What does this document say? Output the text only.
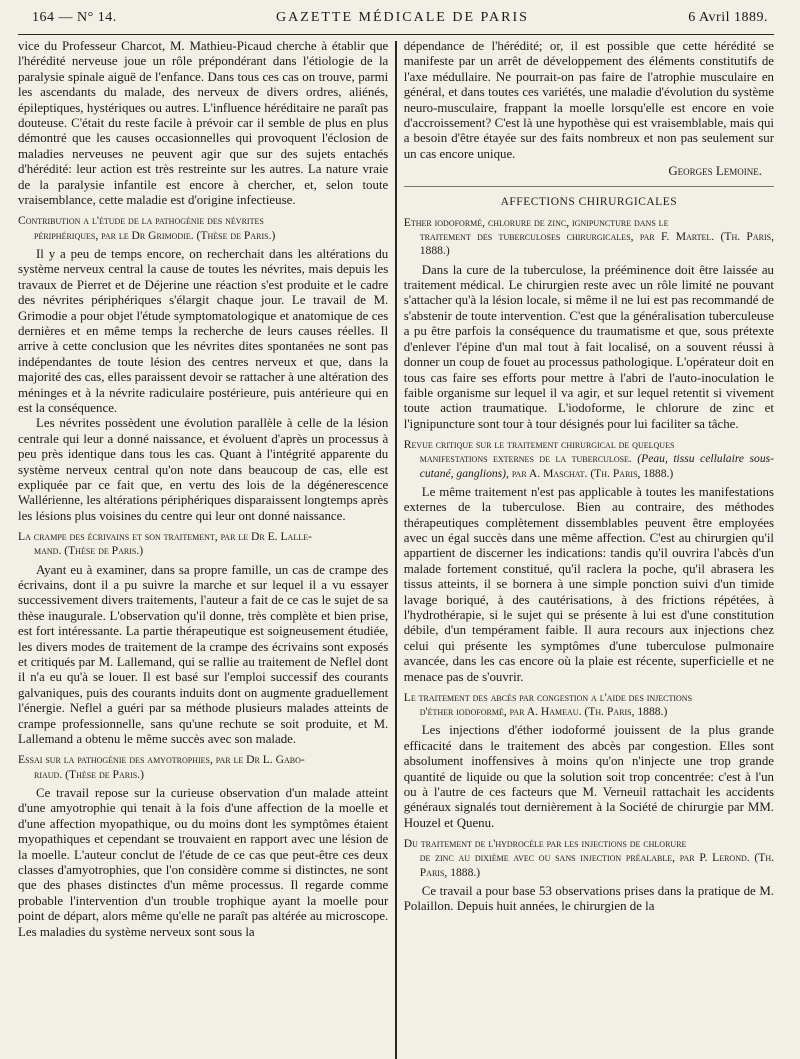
164 — N° 14.	GAZETTE MÉDICALE DE PARIS	6 Avril 1889.

vice du Professeur Charcot, M. Mathieu-Picaud cherche à établir que l'hérédité nerveuse joue un rôle prépondérant dans l'étiologie de la paralysie spinale aiguë de l'enfance. Dans tous ces cas on trouve, parmi les ascendants du malade, des nerveux de divers ordres, aliénés, épileptiques, hystériques ou autres. L'influence héréditaire ne paraît pas douteuse. C'était du reste facile à prévoir car il semble de plus en plus démontré que les causes occasionnelles qui provoquent l'éclosion de maladies nerveuses ne peuvent agir que sur des sujets entachés d'hérédité: leur action est très restreinte sur les autres. La nature vraie de la paralysie infantile est encore à chercher, et, selon toute vraisemblance, cette maladie est d'origine infectieuse.

Contribution a l'étude de la pathogénie des névrites
périphériques, par le Dr Grimodie. (Thèse de Paris.)

Il y a peu de temps encore, on recherchait dans les altérations du système nerveux central la cause de toutes les névrites, mais depuis les travaux de Pierret et de Déjerine une réaction s'est produite et le cadre des névrites périphériques s'élargit chaque jour. Le travail de M. Grimodie a pour objet l'étude symptomatologique et anatomique de ces dernières et en même temps la recherche de leurs causes réelles. Il arrive à cette conclusion que les névrites dites spontanées ne sont pas indépendantes de toute lésion des centres nerveux et que, dans la majorité des cas, elles paraissent devoir se rattacher à une altération des méninges et à la névrite radiculaire postérieure, puis antérieure qui en est la conséquence.

Les névrites possèdent une évolution parallèle à celle de la lésion centrale qui leur a donné naissance, et évoluent d'après un processus à peu près identique dans tous les cas. Quant à l'intégrité apparente du système nerveux central qu'on note dans beaucoup de cas, elle est expliquée par ce fait que, en vertu des lois de la dégénerescence Wallérienne, les altérations périphériques disparaissent longtemps après les lésions plus voisines du centre qui leur ont donné naissance.

La crampe des écrivains et son traitement, par le Dr E. Lalle-
mand. (Thèse de Paris.)

Ayant eu à examiner, dans sa propre famille, un cas de crampe des écrivains, dont il a pu suivre la marche et sur lequel il a vu essayer successivement divers traitements, l'auteur a fait de ce cas le sujet de sa thèse inaugurale. L'observation qu'il donne, très complète et bien prise, est fort intéressante. La partie thérapeutique est soigneusement étudiée, les divers modes de traitement de la crampe des écrivains sont exposés et critiqués par M. Lallemand, qui se rallie au traitement de Neflel dont il n'a eu qu'à se louer. Il est basé sur l'emploi successif des courants galvaniques, puis des courants induits dont on augmente graduellement l'énergie. Neflel a guéri par sa méthode plusieurs malades atteints de crampe professionnelle, sans qu'une rechute se soit produite, et M. Lallemand a obtenu le même succès avec son malade.

Essai sur la pathogénie des amyotrophies, par le Dr L. Gabo-
riaud. (Thèse de Paris.)

Ce travail repose sur la curieuse observation d'un malade atteint d'une amyotrophie qui tenait à la fois d'une affection de la moelle et d'une affection myopathique, ou du moins dont les symptômes étaient myopathiques et cependant se trouvaient en rapport avec une lésion de la moelle. L'auteur conclut de l'étude de ce cas que peut-être ces deux classes d'amyotrophies, que l'on considère comme si distinctes, ne sont que des phases distinctes d'un même processus. Il regarde comme probable l'intervention d'un trouble trophique ayant la moelle pour point de départ, alors même qu'elle ne paraît pas altérée au microscope. Les maladies du système nerveux sont sous la

dépendance de l'hérédité; or, il est possible que cette hérédité se manifeste par un arrêt de développement des éléments constitutifs de l'axe médullaire. Ne pourrait-on pas faire de l'atrophie musculaire en général, et dans toutes ces variétés, une maladie d'évolution du système neuro-musculaire, frappant la moelle lorsqu'elle est encore en voie d'accroissement? C'est là une hypothèse qui est vraisemblable, mais qui a besoin d'être étayée sur des faits nombreux et non pas seulement sur un cas encore unique.

Georges Lemoine.

AFFECTIONS CHIRURGICALES

Ether iodoformé, chlorure de zinc, ignipuncture dans le
traitement des tuberculoses chirurgicales, par F. Martel. (Th. Paris, 1888.)

Dans la cure de la tuberculose, la prééminence doit être laissée au traitement médical. Le chirurgien reste avec un rôle limité ne pouvant s'attacher qu'à la lésion locale, si même il ne lui est pas recommandé de s'abstenir de toute intervention. C'est que la généralisation tuberculeuse a pu être parfois la conséquence du traumatisme et que, sous prétexte d'enlever l'épine d'un mal tout à fait localisé, on a souvent réussi à donner un coup de fouet au processus pathologique. L'opérateur doit en tous cas faire ses efforts pour mettre à l'abri de l'auto-inoculation le faible organisme sur lequel il va agir, et sur lequel retentit si vivement toute action traumatique. L'iodoforme, le chlorure de zinc et l'ignipuncture sont tour à tour désignés pour lui faciliter sa tâche.

Revue critique sur le traitement chirurgical de quelques
manifestations externes de la tuberculose. (Peau, tissu cellulaire sous-cutané, ganglions), par A. Maschat. (Th. Paris, 1888.)

Le même traitement n'est pas applicable à toutes les manifestations externes de la tuberculose. Bien au contraire, des méthodes thérapeutiques complètement dissemblables peuvent être employées avec un égal succès dans une même affection. C'est au chirurgien qu'il appartient de discerner les indications: tandis qu'il ouvrira l'abcès d'un malade fortement constitué, qu'il raclera la poche, qu'il abrasera les tissus atteints, il se bornera à une simple ponction suivi d'un timide lavage boriqué, à des cautérisations, à des frictions répétées, à l'hydrothérapie, si le sujet qui se présente à lui est d'une constitution débile, d'un tempérament faible. Il aura recours aux injections chez celui qui présente les symptômes d'une tuberculose pulmonaire avancée, dans les cas encore où la plaie est récente, superficielle et ne menace pas de s'ouvrir.

Le traitement des abcès par congestion a l'aide des injections
d'éther iodoformé, par A. Hameau. (Th. Paris, 1888.)

Les injections d'éther iodoformé jouissent de la plus grande efficacité dans le traitement des abcès par congestion. Elles sont absolument inoffensives à moins qu'on n'injecte une trop grande quantité de liquide ou que la solution soit trop concentrée: c'est à l'un ou à l'autre de ces facteurs que M. Verneuil rattachait les accidents généraux signalés tout dernièrement à la Société de chirurgie par MM. Houzel et Quenu.

Du traitement de l'hydrocèle par les injections de chlorure
de zinc au dixième avec ou sans injection préalable, par P. Lerond. (Th. Paris, 1888.)

Ce travail a pour base 53 observations prises dans la pratique de M. Polaillon. Depuis huit années, le chirurgien de la
